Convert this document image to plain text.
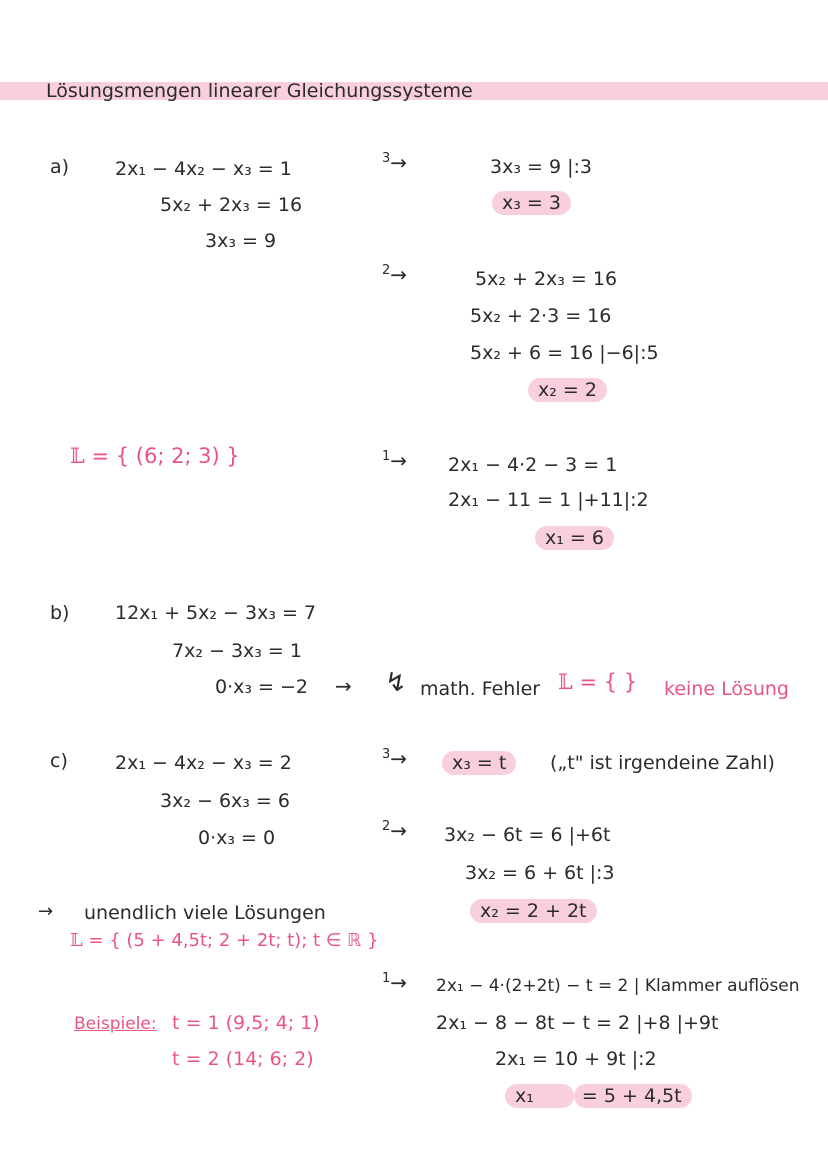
Lösungsmengen linearer Gleichungssysteme
a) 2x₁ − 4x₂ − x₃ = 1
5x₂ + 2x₃ = 16
3x₃ = 9
$^3$→	3x₃ = 9 |:3
x₃ = 3
$^2$→	5x₂ + 2x₃ = 16
5x₂ + 2·3 = 16
5x₂ + 6 = 16 |−6|:5
x₂ = 2
𝕃 = { (6; 2; 3) }	$^1$→ 2x₁ − 4·2 − 3 = 1
2x₁ − 11 = 1 |+11|:2
x₁ = 6
b) 12x₁ + 5x₂ − 3x₃ = 7
7x₂ − 3x₃ = 1
0·x₃ = −2 → ↯ math. Fehler 𝕃 = { } keine Lösung
c) 2x₁ − 4x₂ − x₃ = 2
3x₂ − 6x₃ = 6
0·x₃ = 0
$^3$→	x₃ = t	(„t" ist irgendeine Zahl)
$^2$→ 3x₂ − 6t = 6 |+6t
3x₂ = 6 + 6t |:3
x₂ = 2 + 2t
→ unendlich viele Lösungen
𝕃 = { (5 + 4,5t; 2 + 2t; t); t ∈ ℝ }
$^1$→ 2x₁ − 4·(2+2t) − t = 2 | Klammer auflösen
2x₁ − 8 − 8t − t = 2 |+8 |+9t
2x₁ = 10 + 9t |:2
x₁	= 5 + 4,5t
Beispiele: t = 1 (9,5; 4; 1)
t = 2 (14; 6; 2)
